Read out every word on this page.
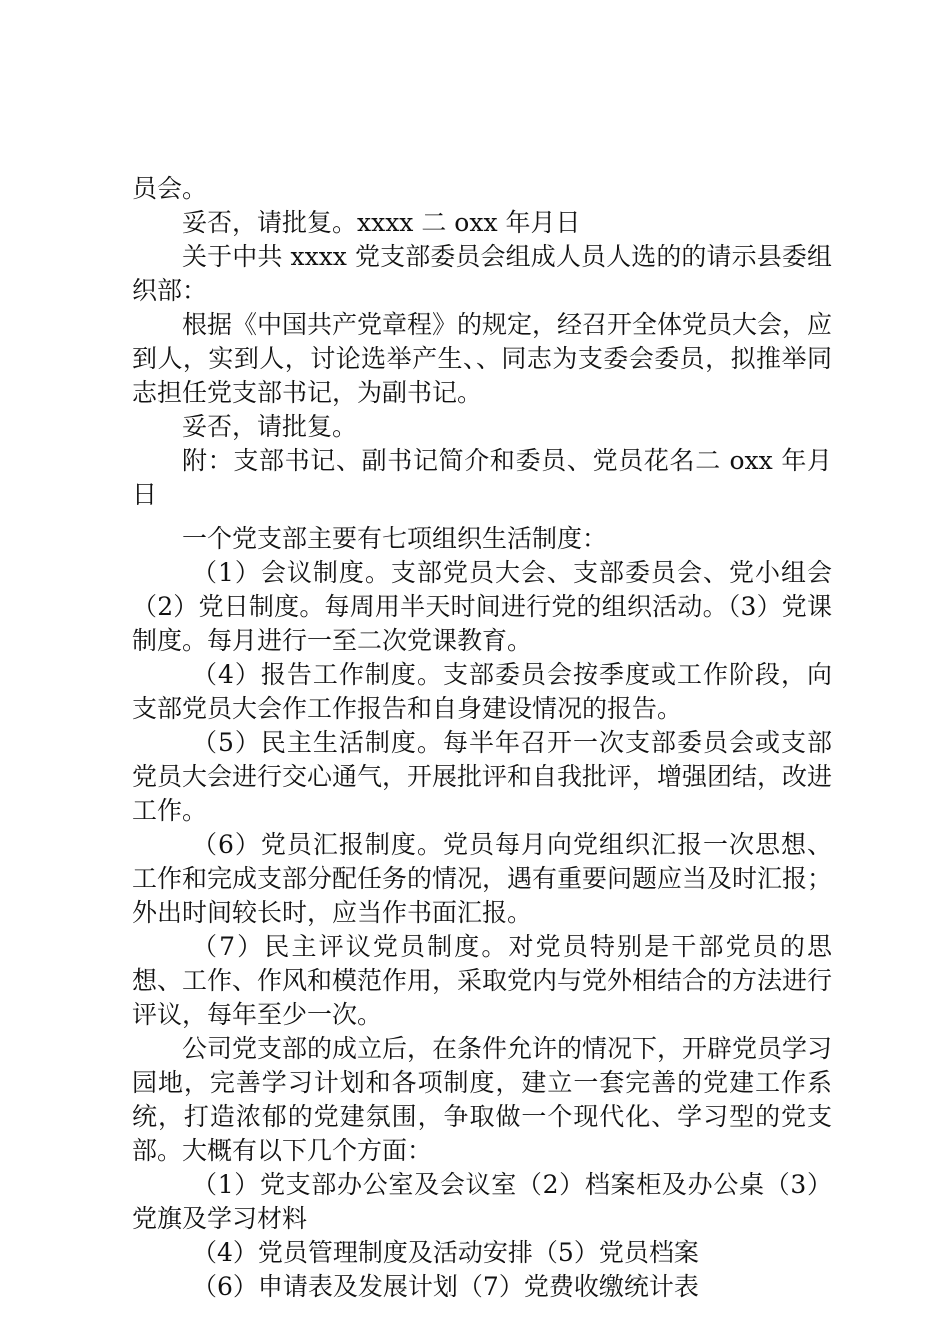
员会。

妥否，请批复。xxxx 二 oxx 年月日

关于中共 xxxx 党支部委员会组成人员人选的的请示县委组织部：

根据《中国共产党章程》的规定，经召开全体党员大会，应到人，实到人，讨论选举产生、、同志为支委会委员，拟推举同志担任党支部书记，为副书记。

妥否，请批复。

附：支部书记、副书记简介和委员、党员花名二 oxx 年月日

一个党支部主要有七项组织生活制度：

（1）会议制度。支部党员大会、支部委员会、党小组会（2）党日制度。每周用半天时间进行党的组织活动。（3）党课制度。每月进行一至二次党课教育。

（4）报告工作制度。支部委员会按季度或工作阶段，向支部党员大会作工作报告和自身建设情况的报告。

（5）民主生活制度。每半年召开一次支部委员会或支部党员大会进行交心通气，开展批评和自我批评，增强团结，改进工作。

（6）党员汇报制度。党员每月向党组织汇报一次思想、工作和完成支部分配任务的情况，遇有重要问题应当及时汇报；外出时间较长时，应当作书面汇报。

（7）民主评议党员制度。对党员特别是干部党员的思想、工作、作风和模范作用，采取党内与党外相结合的方法进行评议，每年至少一次。

公司党支部的成立后，在条件允许的情况下，开辟党员学习园地，完善学习计划和各项制度，建立一套完善的党建工作系统，打造浓郁的党建氛围，争取做一个现代化、学习型的党支部。大概有以下几个方面：

（1）党支部办公室及会议室（2）档案柜及办公桌（3）党旗及学习材料

（4）党员管理制度及活动安排（5）党员档案

（6）申请表及发展计划（7）党费收缴统计表
